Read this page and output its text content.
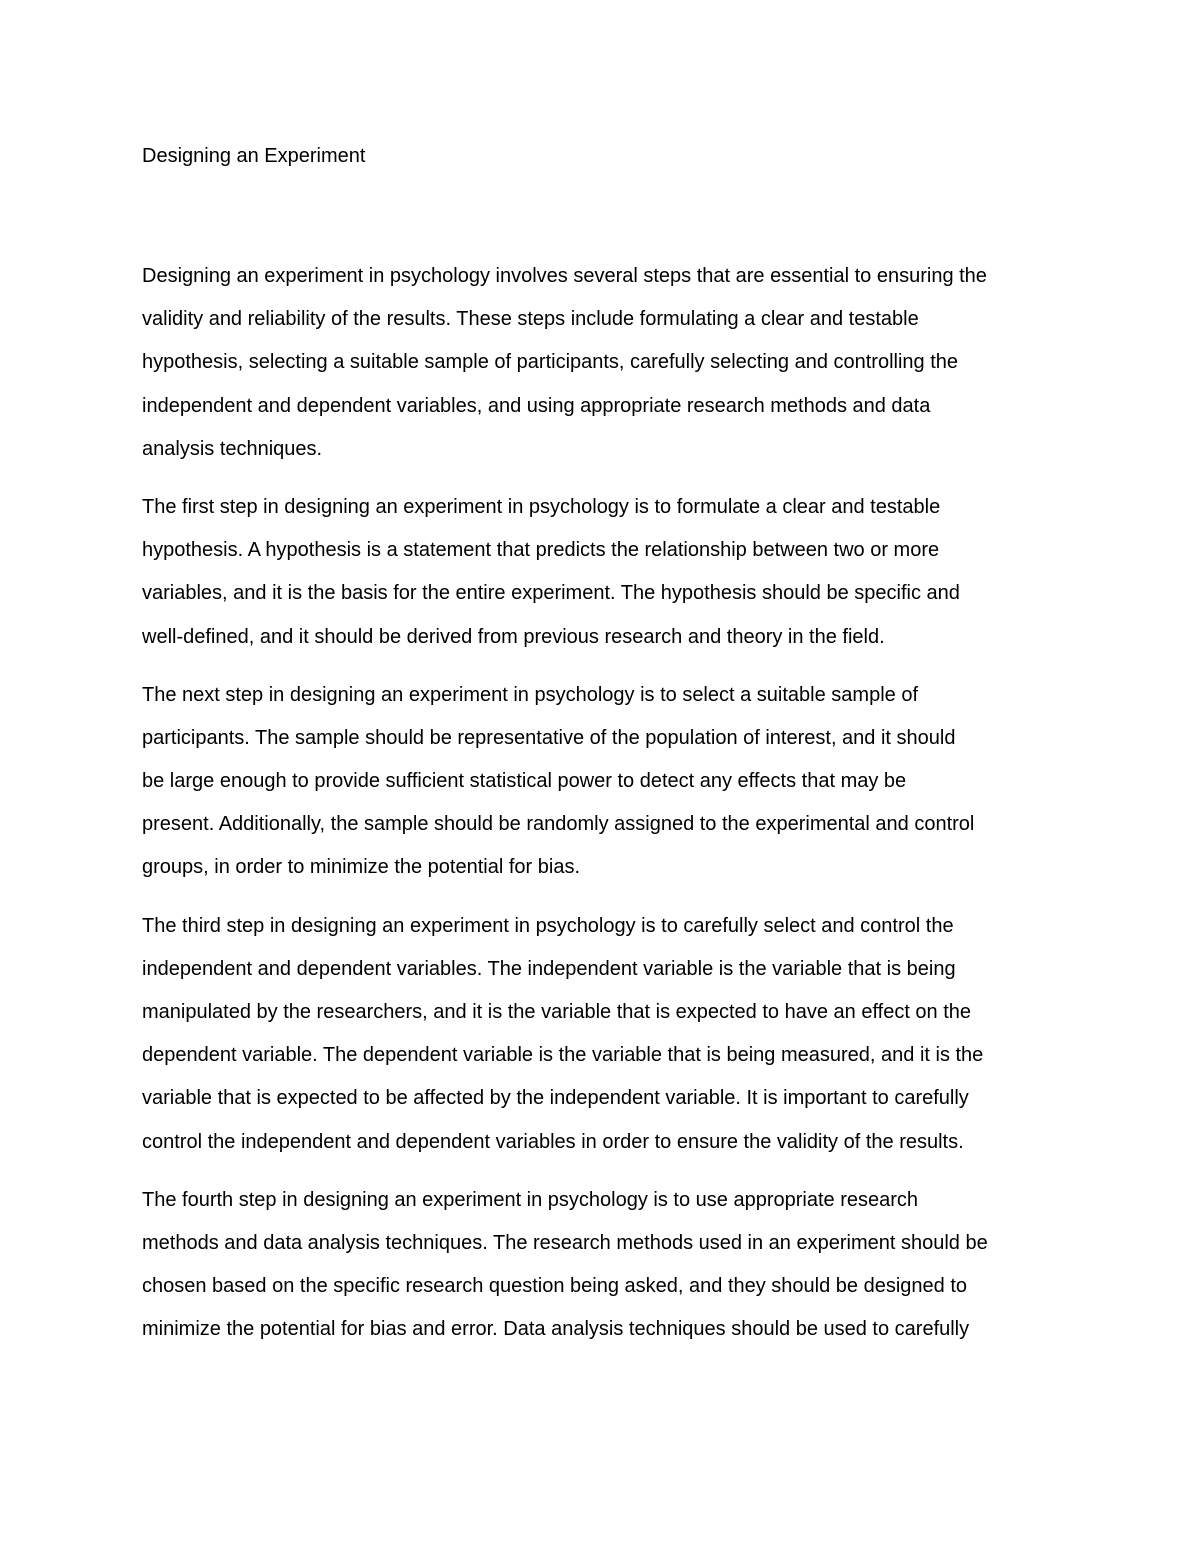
Designing an Experiment

Designing an experiment in psychology involves several steps that are essential to ensuring the
validity and reliability of the results. These steps include formulating a clear and testable
hypothesis, selecting a suitable sample of participants, carefully selecting and controlling the
independent and dependent variables, and using appropriate research methods and data
analysis techniques.

The first step in designing an experiment in psychology is to formulate a clear and testable
hypothesis. A hypothesis is a statement that predicts the relationship between two or more
variables, and it is the basis for the entire experiment. The hypothesis should be specific and
well-defined, and it should be derived from previous research and theory in the field.

The next step in designing an experiment in psychology is to select a suitable sample of
participants. The sample should be representative of the population of interest, and it should
be large enough to provide sufficient statistical power to detect any effects that may be
present. Additionally, the sample should be randomly assigned to the experimental and control
groups, in order to minimize the potential for bias.

The third step in designing an experiment in psychology is to carefully select and control the
independent and dependent variables. The independent variable is the variable that is being
manipulated by the researchers, and it is the variable that is expected to have an effect on the
dependent variable. The dependent variable is the variable that is being measured, and it is the
variable that is expected to be affected by the independent variable. It is important to carefully
control the independent and dependent variables in order to ensure the validity of the results.

The fourth step in designing an experiment in psychology is to use appropriate research
methods and data analysis techniques. The research methods used in an experiment should be
chosen based on the specific research question being asked, and they should be designed to
minimize the potential for bias and error. Data analysis techniques should be used to carefully
